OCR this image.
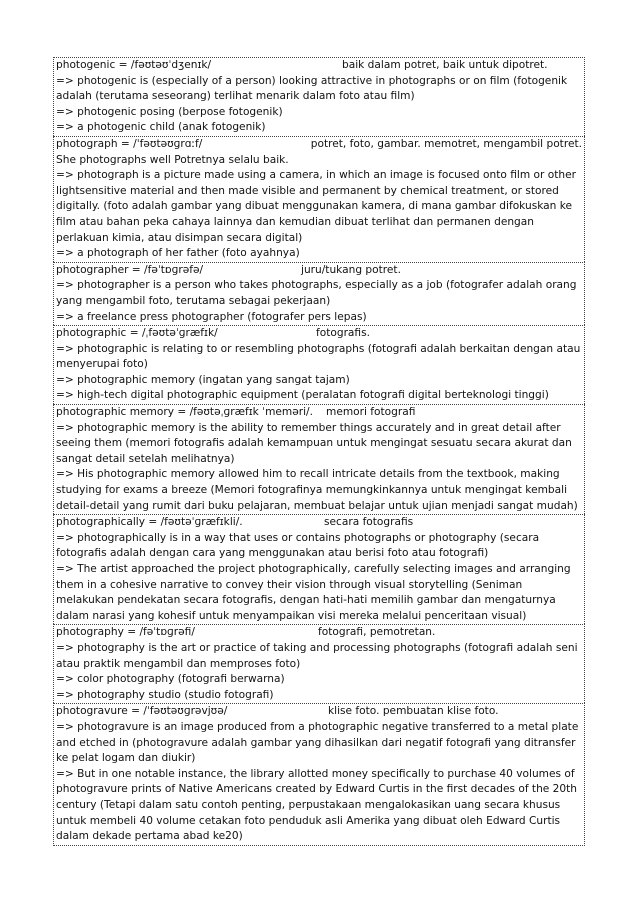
photogenic = /fəʊtəʊˈdʒenɪk/	baik dalam potret, baik untuk dipotret.
=> photogenic is (especially of a person) looking attractive in photographs or on film (fotogenik adalah (terutama seseorang) terlihat menarik dalam foto atau film)
=> photogenic posing (berpose fotogenik)
=> a photogenic child (anak fotogenik)
photograph = /ˈfəʊtəʊɡrɑːf/	potret, foto, gambar. memotret, mengambil potret.
She photographs well Potretnya selalu baik.
=> photograph is a picture made using a camera, in which an image is focused onto film or other lightsensitive material and then made visible and permanent by chemical treatment, or stored digitally. (foto adalah gambar yang dibuat menggunakan kamera, di mana gambar difokuskan ke film atau bahan peka cahaya lainnya dan kemudian dibuat terlihat dan permanen dengan perlakuan kimia, atau disimpan secara digital)
=> a photograph of her father (foto ayahnya)
photographer = /fəˈtɒɡrəfə/	juru/tukang potret.
=> photographer is a person who takes photographs, especially as a job (fotografer adalah orang yang mengambil foto, terutama sebagai pekerjaan)
=> a freelance press photographer (fotografer pers lepas)
photographic = /ˌfəʊtəˈɡræfɪk/	fotografis.
=> photographic is relating to or resembling photographs (fotografi adalah berkaitan dengan atau menyerupai foto)
=> photographic memory (ingatan yang sangat tajam)
=> high-tech digital photographic equipment (peralatan fotografi digital berteknologi tinggi)
photographic memory = /fəʊtəˌɡræfɪk ˈmeməri/.	memori fotografi
=> photographic memory is the ability to remember things accurately and in great detail after seeing them (memori fotografis adalah kemampuan untuk mengingat sesuatu secara akurat dan sangat detail setelah melihatnya)
=> His photographic memory allowed him to recall intricate details from the textbook, making studying for exams a breeze (Memori fotografinya memungkinkannya untuk mengingat kembali detail-detail yang rumit dari buku pelajaran, membuat belajar untuk ujian menjadi sangat mudah)
photographically = /fəʊtəˈɡræfɪkli/.	secara fotografis
=> photographically is in a way that uses or contains photographs or photography (secara fotografis adalah dengan cara yang menggunakan atau berisi foto atau fotografi)
=> The artist approached the project photographically, carefully selecting images and arranging them in a cohesive narrative to convey their vision through visual storytelling (Seniman melakukan pendekatan secara fotografis, dengan hati-hati memilih gambar dan mengaturnya dalam narasi yang kohesif untuk menyampaikan visi mereka melalui penceritaan visual)
photography = /fəˈtɒɡrəfi/	fotografi, pemotretan.
=> photography is the art or practice of taking and processing photographs (fotografi adalah seni atau praktik mengambil dan memproses foto)
=> color photography (fotografi berwarna)
=> photography studio (studio fotografi)
photogravure = /ˈfəʊtəʊɡrəvjʊə/	klise foto. pembuatan klise foto.
=> photogravure is an image produced from a photographic negative transferred to a metal plate and etched in (photogravure adalah gambar yang dihasilkan dari negatif fotografi yang ditransfer ke pelat logam dan diukir)
=> But in one notable instance, the library allotted money specifically to purchase 40 volumes of photogravure prints of Native Americans created by Edward Curtis in the first decades of the 20th century (Tetapi dalam satu contoh penting, perpustakaan mengalokasikan uang secara khusus untuk membeli 40 volume cetakan foto penduduk asli Amerika yang dibuat oleh Edward Curtis dalam dekade pertama abad ke20)
